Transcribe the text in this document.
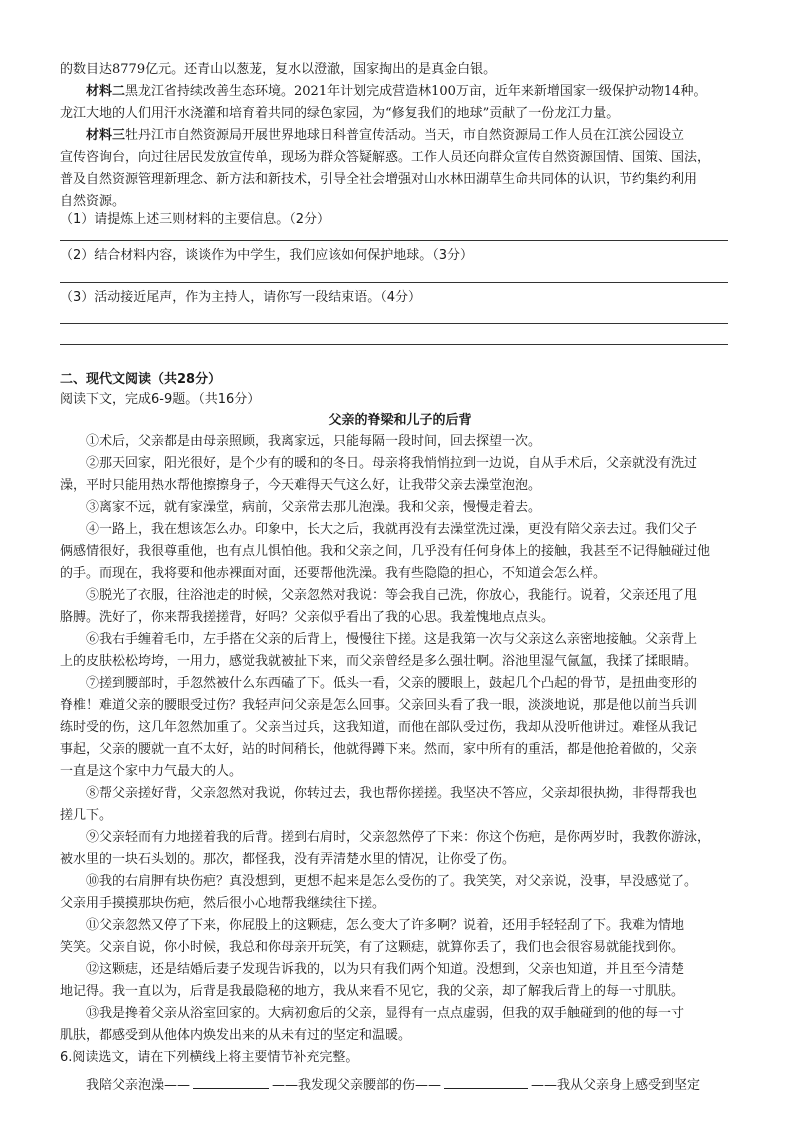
的数目达8779亿元。还青山以葱茏，复水以澄澈，国家掏出的是真金白银。
材料二黑龙江省持续改善生态环境。2021年计划完成营造林100万亩，近年来新增国家一级保护动物14种。
龙江大地的人们用汗水浇灌和培育着共同的绿色家园，为“修复我们的地球”贡献了一份龙江力量。
材料三牡丹江市自然资源局开展世界地球日科普宣传活动。当天，市自然资源局工作人员在江滨公园设立
宣传咨询台，向过往居民发放宣传单，现场为群众答疑解惑。工作人员还向群众宣传自然资源国情、国策、国法，
普及自然资源管理新理念、新方法和新技术，引导全社会增强对山水林田湖草生命共同体的认识，节约集约利用
自然资源。
（1）请提炼上述三则材料的主要信息。（2分）
（2）结合材料内容，谈谈作为中学生，我们应该如何保护地球。（3分）
（3）活动接近尾声，作为主持人，请你写一段结束语。（4分）
二、现代文阅读（共28分）
阅读下文，完成6-9题。（共16分）
父亲的脊梁和儿子的后背
①术后，父亲都是由母亲照顾，我离家远，只能每隔一段时间，回去探望一次。
②那天回家，阳光很好，是个少有的暖和的冬日。母亲将我悄悄拉到一边说，自从手术后，父亲就没有洗过
澡，平时只能用热水帮他擦擦身子，今天难得天气这么好，让我带父亲去澡堂泡泡。
③离家不远，就有家澡堂，病前，父亲常去那儿泡澡。我和父亲，慢慢走着去。
④一路上，我在想该怎么办。印象中，长大之后，我就再没有去澡堂洗过澡，更没有陪父亲去过。我们父子
俩感情很好，我很尊重他，也有点儿惧怕他。我和父亲之间，几乎没有任何身体上的接触，我甚至不记得触碰过他
的手。而现在，我将要和他赤裸面对面，还要帮他洗澡。我有些隐隐的担心，不知道会怎么样。
⑤脱光了衣服，往浴池走的时候，父亲忽然对我说：等会我自己洗，你放心，我能行。说着，父亲还甩了甩
胳膊。洗好了，你来帮我搓搓背，好吗？父亲似乎看出了我的心思。我羞愧地点点头。
⑥我右手缠着毛巾，左手搭在父亲的后背上，慢慢往下搓。这是我第一次与父亲这么亲密地接触。父亲背上
上的皮肤松松垮垮，一用力，感觉我就被扯下来，而父亲曾经是多么强壮啊。浴池里湿气氤氲，我揉了揉眼睛。
⑦搓到腰部时，手忽然被什么东西磕了下。低头一看，父亲的腰眼上，鼓起几个凸起的骨节，是扭曲变形的
脊椎！难道父亲的腰眼受过伤？我轻声问父亲是怎么回事。父亲回头看了我一眼，淡淡地说，那是他以前当兵训
练时受的伤，这几年忽然加重了。父亲当过兵，这我知道，而他在部队受过伤，我却从没听他讲过。难怪从我记
事起，父亲的腰就一直不太好，站的时间稍长，他就得蹲下来。然而，家中所有的重活，都是他抢着做的，父亲
一直是这个家中力气最大的人。
⑧帮父亲搓好背，父亲忽然对我说，你转过去，我也帮你搓搓。我坚决不答应，父亲却很执拗，非得帮我也
搓几下。
⑨父亲轻而有力地搓着我的后背。搓到右肩时，父亲忽然停了下来：你这个伤疤，是你两岁时，我教你游泳，
被水里的一块石头划的。那次，都怪我，没有弄清楚水里的情况，让你受了伤。
⑩我的右肩胛有块伤疤？真没想到，更想不起来是怎么受伤的了。我笑笑，对父亲说，没事，早没感觉了。
父亲用手摸摸那块伤疤，然后很小心地帮我继续往下搓。
⑪父亲忽然又停了下来，你屁股上的这颗痣，怎么变大了许多啊？说着，还用手轻轻刮了下。我难为情地
笑笑。父亲自说，你小时候，我总和你母亲开玩笑，有了这颗痣，就算你丢了，我们也会很容易就能找到你。
⑫这颗痣，还是结婚后妻子发现告诉我的，以为只有我们两个知道。没想到，父亲也知道，并且至今清楚
地记得。我一直以为，后背是我最隐秘的地方，我从来看不见它，我的父亲，却了解我后背上的每一寸肌肤。
⑬我是搀着父亲从浴室回家的。大病初愈后的父亲，显得有一点点虚弱，但我的双手触碰到的他的每一寸
肌肤，都感受到从他体内焕发出来的从未有过的坚定和温暖。
6.阅读选文，请在下列横线上将主要情节补充完整。
我陪父亲泡澡——	——我发现父亲腰部的伤——	——我从父亲身上感受到坚定
